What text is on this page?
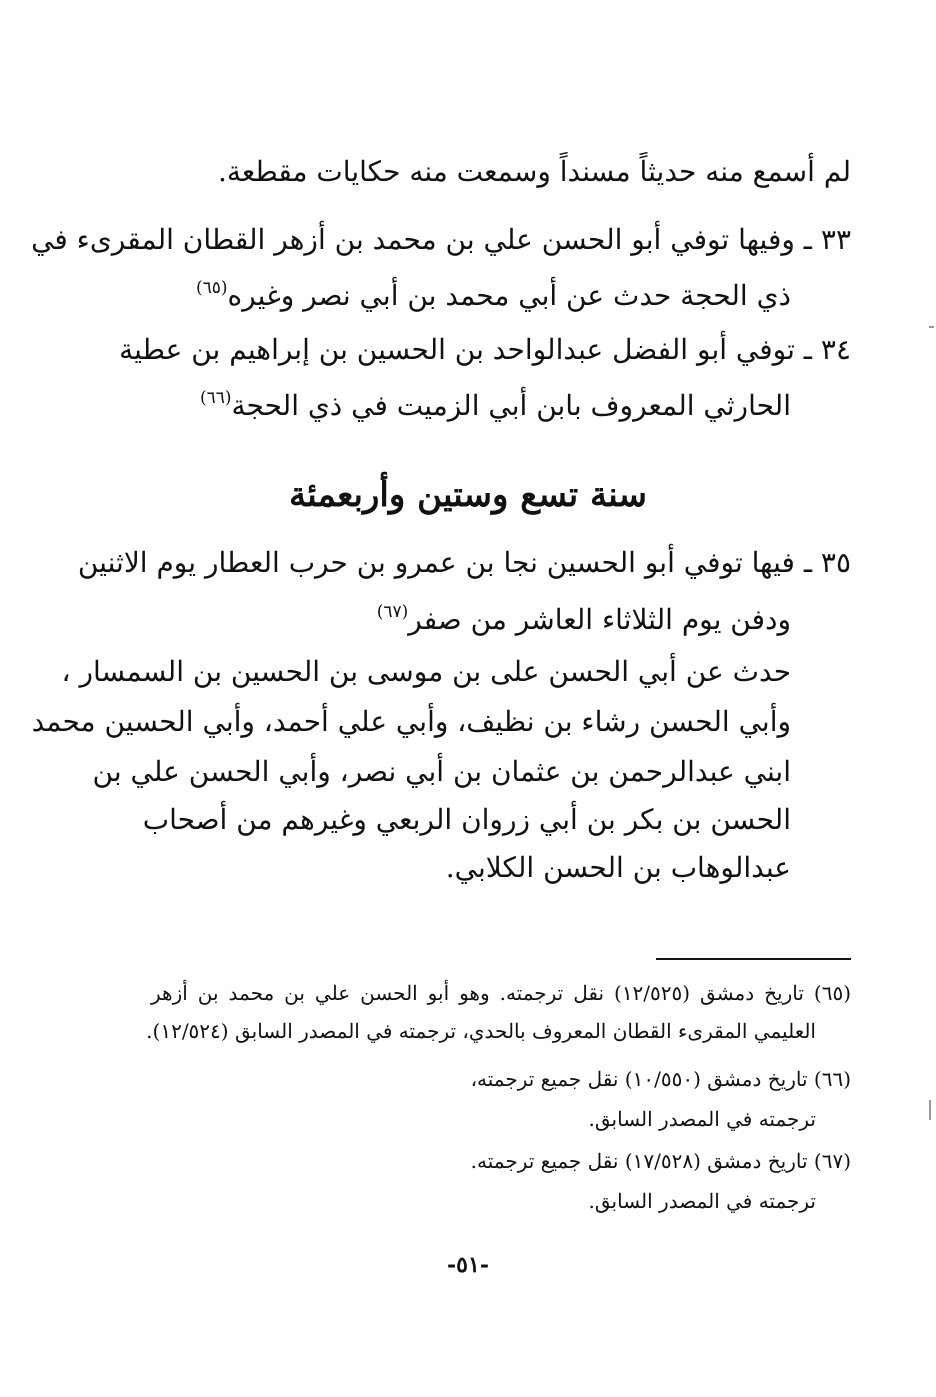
لم أسمع منه حديثاً مسنداً وسمعت منه حكايات مقطعة.
٣٣ ـ وفيها توفي أبو الحسن علي بن محمد بن أزهر القطان المقرىء في
ذي الحجة حدث عن أبي محمد بن أبي نصر وغيره$^{(٦٥)}$
٣٤ ـ توفي أبو الفضل عبدالواحد بن الحسين بن إبراهيم بن عطية
الحارثي المعروف بابن أبي الزميت في ذي الحجة$^{(٦٦)}$
سنة تسع وستين وأربعمئة
٣٥ ـ فيها توفي أبو الحسين نجا بن عمرو بن حرب العطار يوم الاثنين
ودفن يوم الثلاثاء العاشر من صفر$^{(٦٧)}$
حدث عن أبي الحسن على بن موسى بن الحسين بن السمسار ،
وأبي الحسن رشاء بن نظيف، وأبي علي أحمد، وأبي الحسين محمد
ابني عبدالرحمن بن عثمان بن أبي نصر، وأبي الحسن علي بن
الحسن بن بكر بن أبي زروان الربعي وغيرهم من أصحاب
عبدالوهاب بن الحسن الكلابي.
(٦٥) تاريخ دمشق (١٢/٥٢٥) نقل ترجمته. وهو أبو الحسن علي بن محمد بن أزهر
العليمي المقرىء القطان المعروف بالحدي، ترجمته في المصدر السابق (١٢/٥٢٤).
(٦٦) تاريخ دمشق (١٠/٥٥٠) نقل جميع ترجمته،
ترجمته في المصدر السابق.
(٦٧) تاريخ دمشق (١٧/٥٢٨) نقل جميع ترجمته.
ترجمته في المصدر السابق.
-٥١-
